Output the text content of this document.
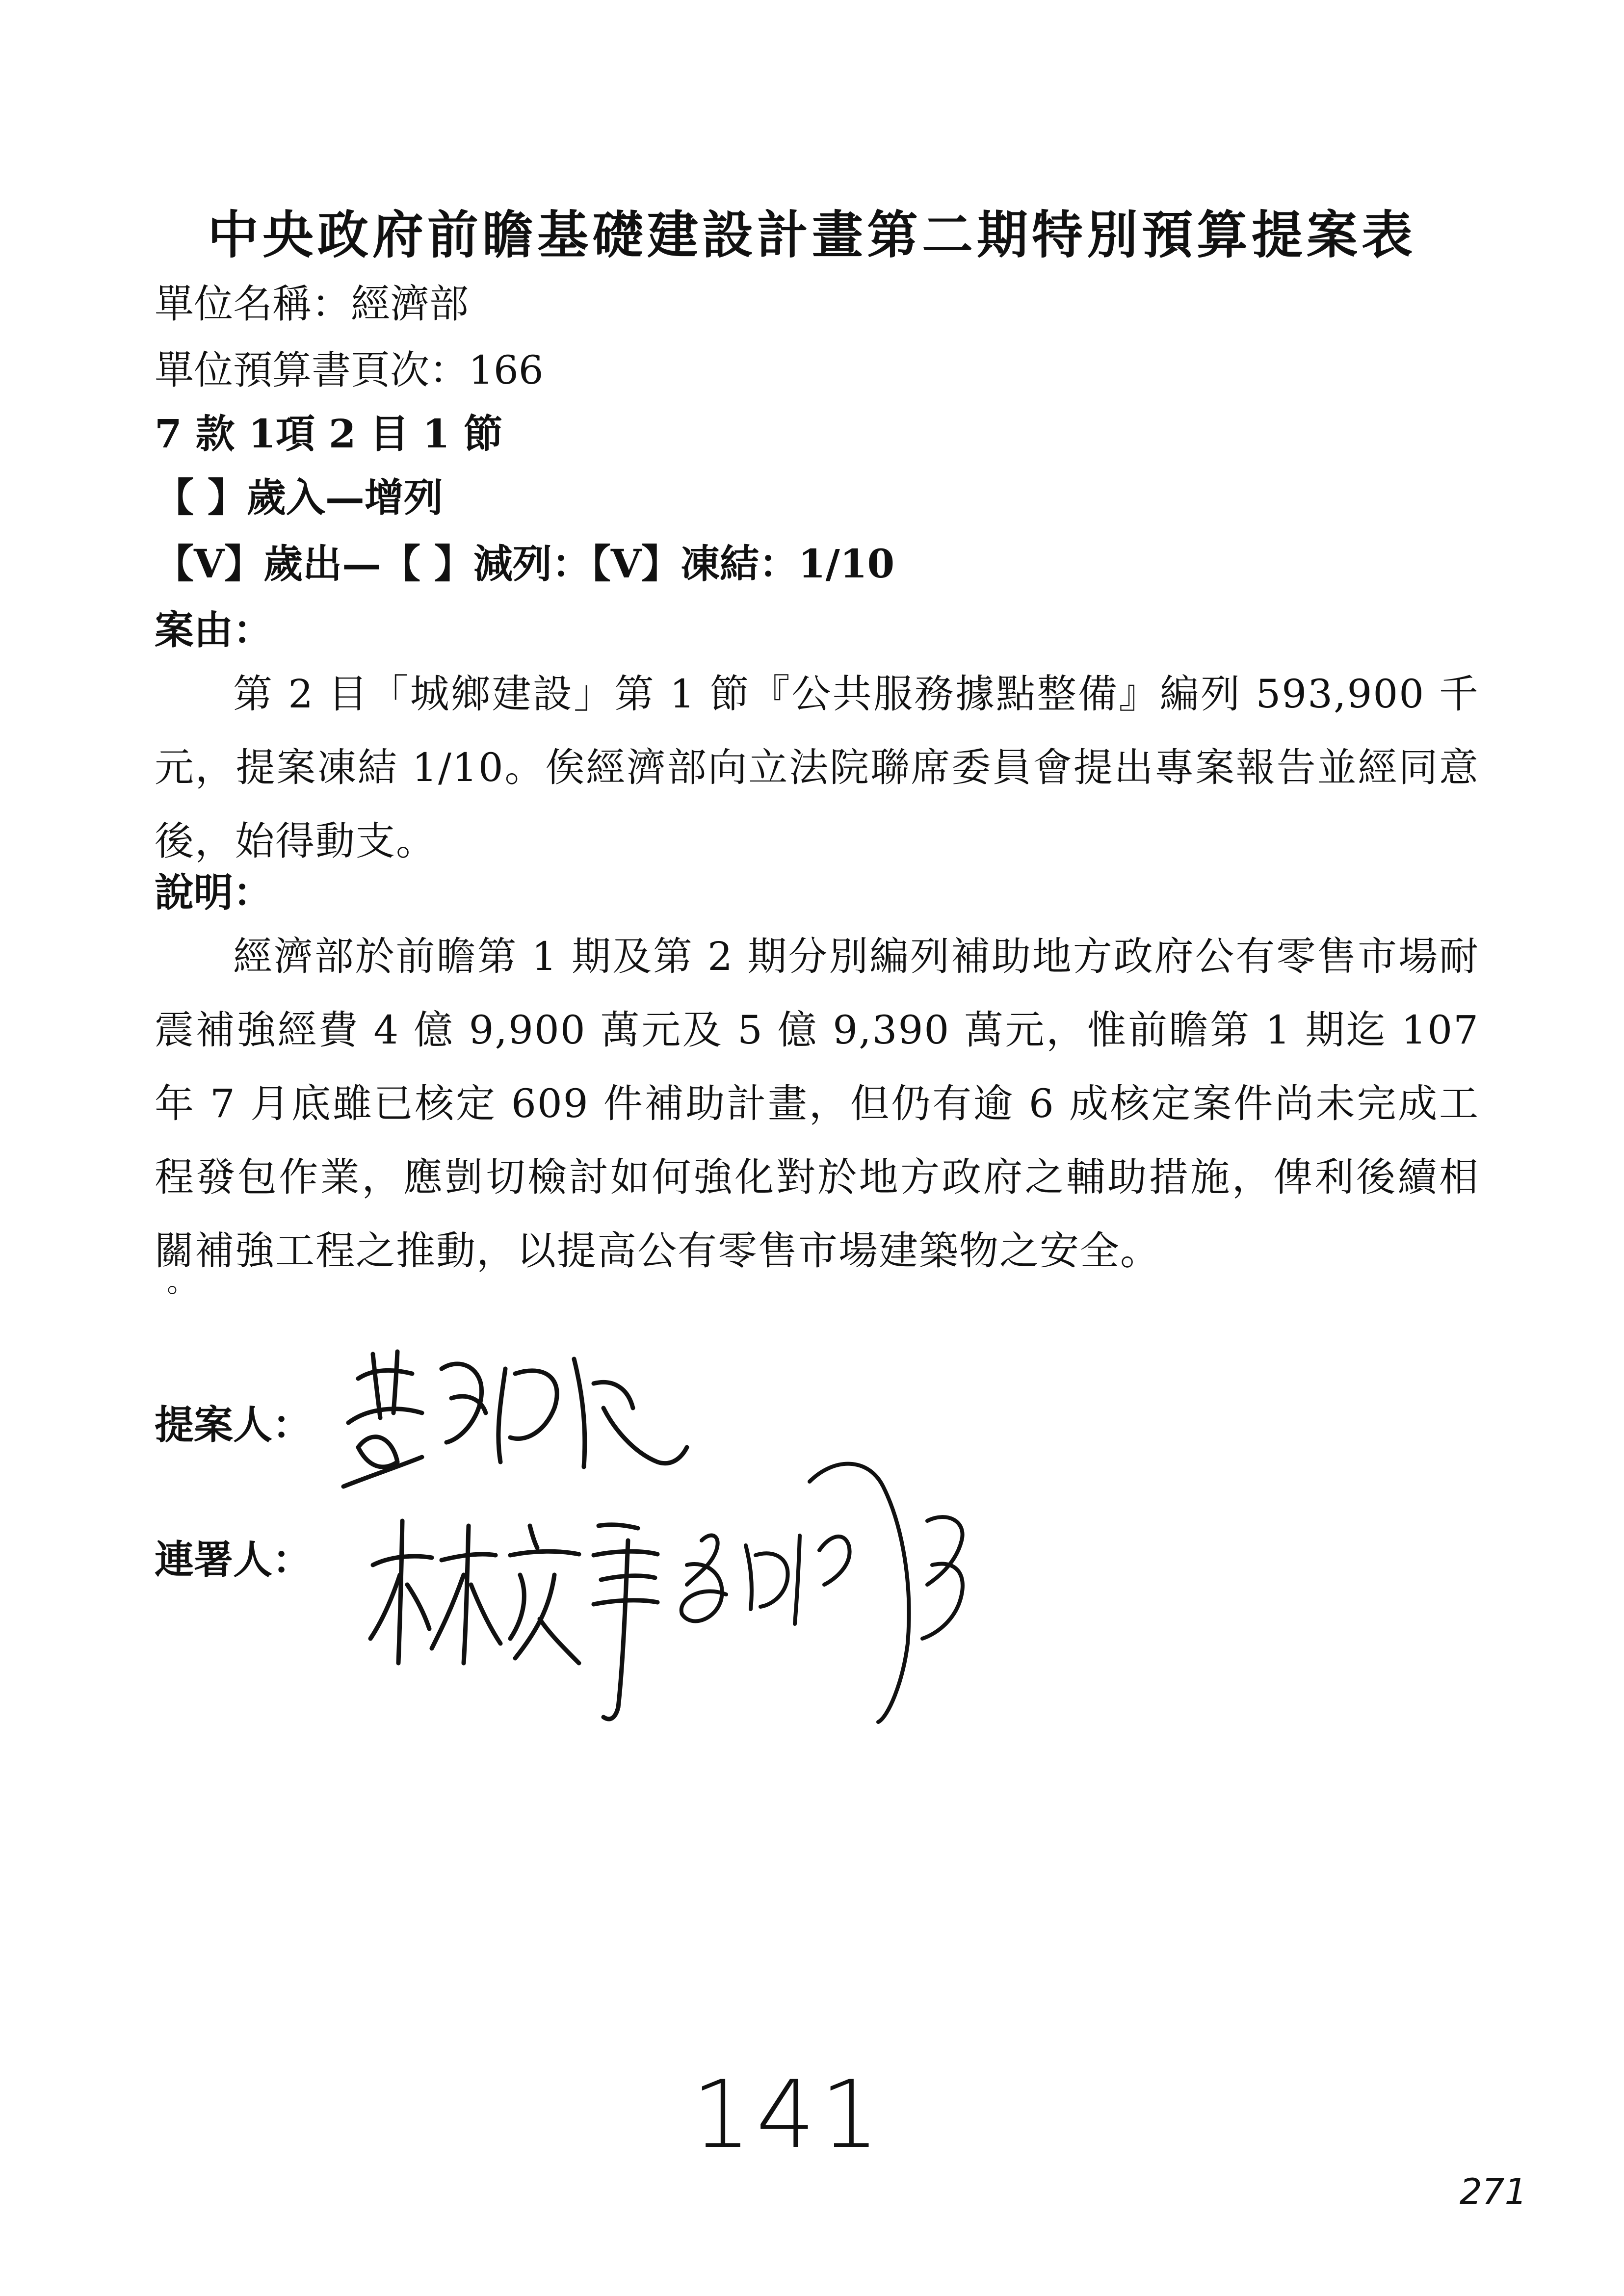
中央政府前瞻基礎建設計畫第二期特別預算提案表
單位名稱：經濟部
單位預算書頁次：166
7 款 1項 2 目 1 節
【 】歲入—增列
【V】歲出—【 】減列：【V】凍結：1/10
案由：

第 2 目「城鄉建設」第 1 節『公共服務據點整備』編列 593,900 千元，提案凍結 1/10。俟經濟部向立法院聯席委員會提出專案報告並經同意後，始得動支。

說明：

經濟部於前瞻第 1 期及第 2 期分別編列補助地方政府公有零售市場耐震補強經費 4 億 9,900 萬元及 5 億 9,390 萬元，惟前瞻第 1 期迄 107 年 7 月底雖已核定 609 件補助計畫，但仍有逾 6 成核定案件尚未完成工程發包作業，應剴切檢討如何強化對於地方政府之輔助措施，俾利後續相關補強工程之推動，以提高公有零售市場建築物之安全。

。
提案人：
連署人：
141
271
